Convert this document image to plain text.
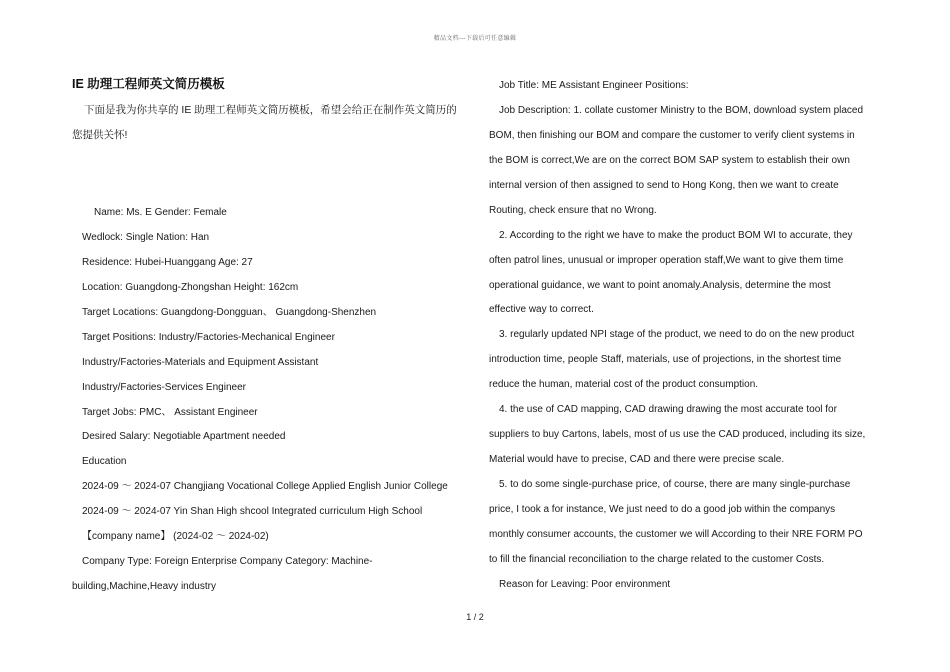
精品文档---下载后可任意编辑
IE 助理工程师英文简历模板

下面是我为你共享的 IE 助理工程师英文简历模板，希望会给正在制作英文简历的您提供关怀!

Name: Ms. E Gender: Female
Wedlock: Single Nation: Han
Residence: Hubei-Huanggang Age: 27
Location: Guangdong-Zhongshan Height: 162cm
Target Locations: Guangdong-Dongguan、 Guangdong-Shenzhen
Target Positions: Industry/Factories-Mechanical Engineer
Industry/Factories-Materials and Equipment Assistant
Industry/Factories-Services Engineer
Target Jobs: PMC、 Assistant Engineer
Desired Salary: Negotiable Apartment needed
Education
2024-09 ～ 2024-07 Changjiang Vocational College Applied English Junior College
2024-09 ～ 2024-07 Yin Shan High shcool Integrated curriculum High School
【company name】 (2024-02 ～ 2024-02)
Company Type: Foreign Enterprise Company Category: Machine-
building,Machine,Heavy industry
Job Title: ME Assistant Engineer Positions:
Job Description: 1. collate customer Ministry to the BOM, download system placed
BOM, then finishing our BOM and compare the customer to verify client systems in
the BOM is correct,We are on the correct BOM SAP system to establish their own
internal version of then assigned to send to Hong Kong, then we want to create
Routing, check ensure that no Wrong.
2. According to the right we have to make the product BOM WI to accurate, they
often patrol lines, unusual or improper operation staff,We want to give them time
operational guidance, we want to point anomaly.Analysis, determine the most
effective way to correct.
3. regularly updated NPI stage of the product, we need to do on the new product
introduction time, people Staff, materials, use of projections, in the shortest time
reduce the human, material cost of the product consumption.
4. the use of CAD mapping, CAD drawing drawing the most accurate tool for
suppliers to buy Cartons, labels, most of us use the CAD produced, including its size,
Material would have to precise, CAD and there were precise scale.
5. to do some single-purchase price, of course, there are many single-purchase
price, I took a for instance, We just need to do a good job within the companys
monthly consumer accounts, the customer we will According to their NRE FORM PO
to fill the financial reconciliation to the charge related to the customer Costs.
Reason for Leaving: Poor environment
1 / 2
